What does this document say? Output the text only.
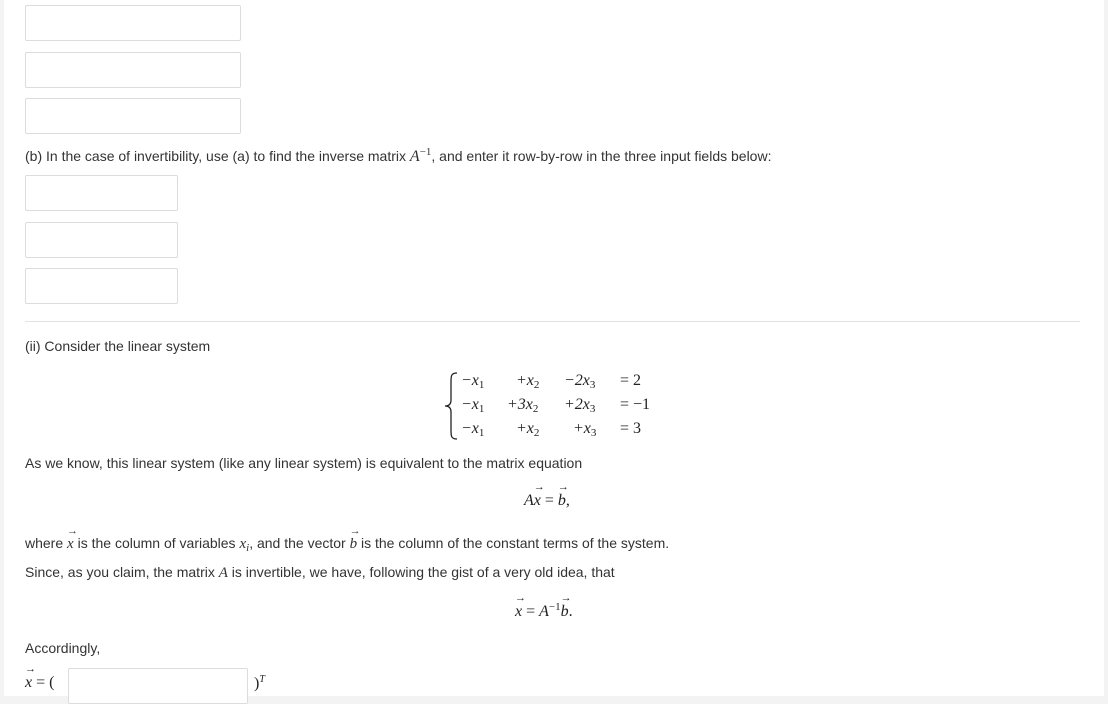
(b) In the case of invertibility, use (a) to find the inverse matrix $A^{-1}$, and enter it row-by-row in the three input fields below:
(ii) Consider the linear system
$-x_1 +x_2 -2x_3 = 2$
$-x_1 +3x_2 +2x_3 = -1$
$-x_1 +x_2 +x_3 = 3$
As we know, this linear system (like any linear system) is equivalent to the matrix equation
A→ x = → b,
where → x is the column of variables $x_i$, and the vector → b is the column of the constant terms of the system.
Since, as you claim, the matrix A is invertible, we have, following the gist of a very old idea, that
→ $x = A^{-1}\to b$.
Accordingly,
→ x = (	)$^T$
